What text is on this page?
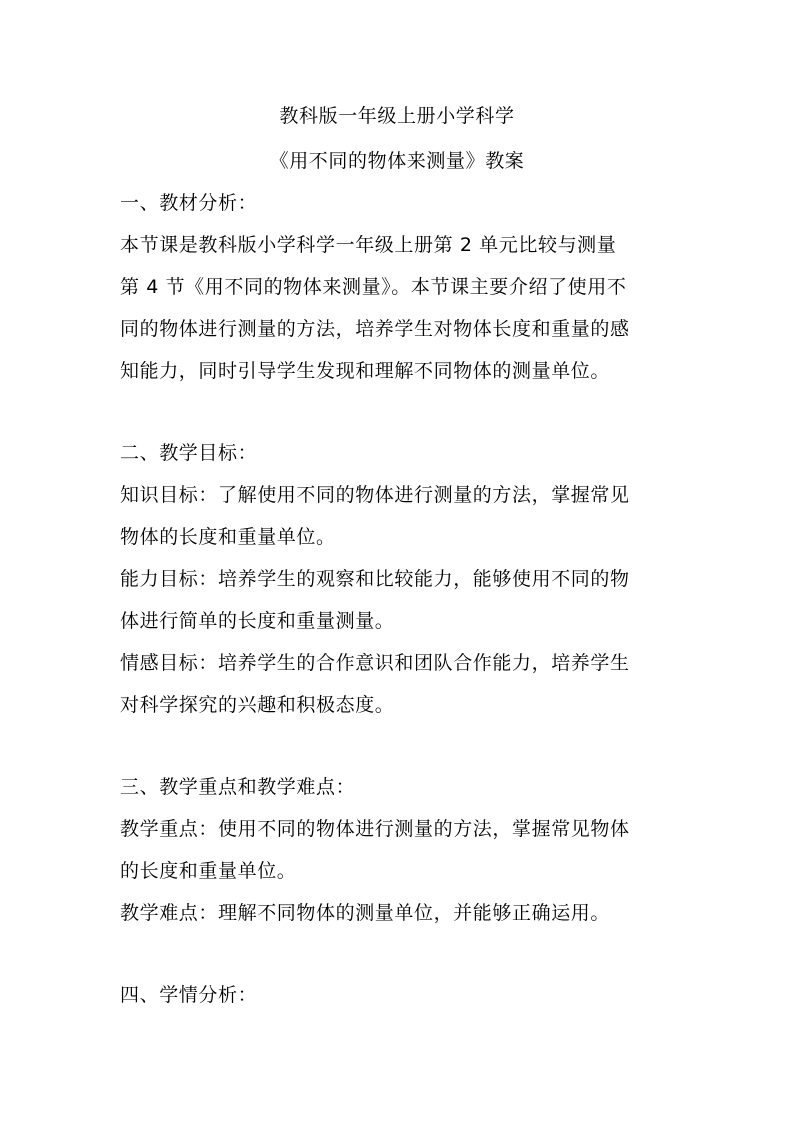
教科版一年级上册小学科学
《用不同的物体来测量》教案
一、教材分析：
本节课是教科版小学科学一年级上册第 2 单元比较与测量
第 4 节《用不同的物体来测量》。本节课主要介绍了使用不
同的物体进行测量的方法，培养学生对物体长度和重量的感
知能力，同时引导学生发现和理解不同物体的测量单位。
二、教学目标：
知识目标：了解使用不同的物体进行测量的方法，掌握常见
物体的长度和重量单位。
能力目标：培养学生的观察和比较能力，能够使用不同的物
体进行简单的长度和重量测量。
情感目标：培养学生的合作意识和团队合作能力，培养学生
对科学探究的兴趣和积极态度。
三、教学重点和教学难点：
教学重点：使用不同的物体进行测量的方法，掌握常见物体
的长度和重量单位。
教学难点：理解不同物体的测量单位，并能够正确运用。
四、学情分析：
